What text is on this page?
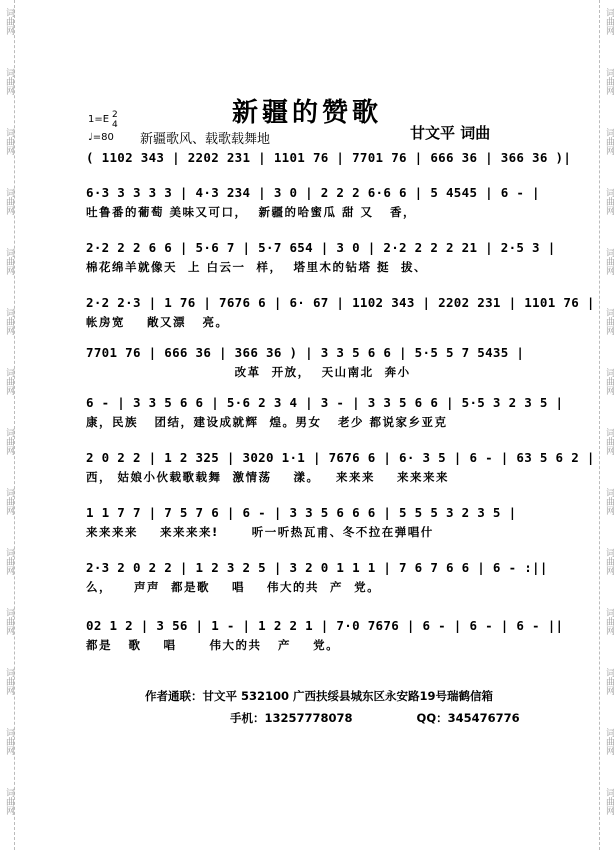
词曲网
词曲网
词曲网
词曲网
词曲网
词曲网
词曲网
词曲网
词曲网
词曲网
词曲网
词曲网
词曲网
词曲网
词曲网
词曲网
词曲网
词曲网
词曲网
词曲网
词曲网
词曲网
词曲网
词曲网
词曲网
词曲网
词曲网
词曲网
新疆的赞歌
1=E 2
4
♩=80 新疆歌风、载歌载舞地	甘文平 词曲
( 1102 343 | 2202 231 | 1101 76 | 7701 76 | 666 36 | 366 36 )|
6·3 3 3 3 3 | 4·3 234 | 3 0 | 2 2 2 6·6 6 | 5 4545 | 6 - |
吐鲁番的葡萄 美味又可口，  新疆的哈蜜瓜 甜 又   香，
2·2 2 2 6 6 | 5·6 7 | 5·7 654 | 3 0 | 2·2 2 2 2 21 | 2·5 3 |
棉花绵羊就像天  上 白云一  样，  塔里木的钻塔 挺  拔、
2·2 2·3 | 1 76 | 7676 6 | 6· 67 | 1102 343 | 2202 231 | 1101 76 |
帐房宽    敞又漂   亮。
7701 76 | 666 36 | 366 36 ) | 3 3 5 6 6 | 5·5 5 7 5435 |
改革  开放，  天山南北  奔小
6 - | 3 3 5 6 6 | 5·6 2 3 4 | 3 - | 3 3 5 6 6 | 5·5 3 2 3 5 |
康，民族   团结，建设成就辉  煌。男女   老少 都说家乡亚克
2 0 2 2 | 1 2 325 | 3020 1·1 | 7676 6 | 6· 3 5 | 6 - | 63 5 6 2 |
西， 姑娘小伙载歌载舞  激情荡    漾。   来来来    来来来来
1 1 7 7 | 7 5 7 6 | 6 - | 3 3 5 6 6 6 | 5 5 5 3 2 3 5 |
来来来来    来来来来!      听一听热瓦甫、冬不拉在弹唱什
2·3 2 0 2 2 | 1 2 3 2 5 | 3 2 0 1 1 1 | 7 6 7 6 6 | 6 - :||
么，    声声  都是歌    唱    伟大的共  产  党。
02 1 2 | 3 56 | 1 - | 1 2 2 1 | 7·0 7676 | 6 - | 6 - | 6 - ||
都是   歌    唱      伟大的共   产    党。
作者通联：甘文平 532100 广西扶绥县城东区永安路19号瑞鹤信箱
手机：13257778078	QQ：345476776
